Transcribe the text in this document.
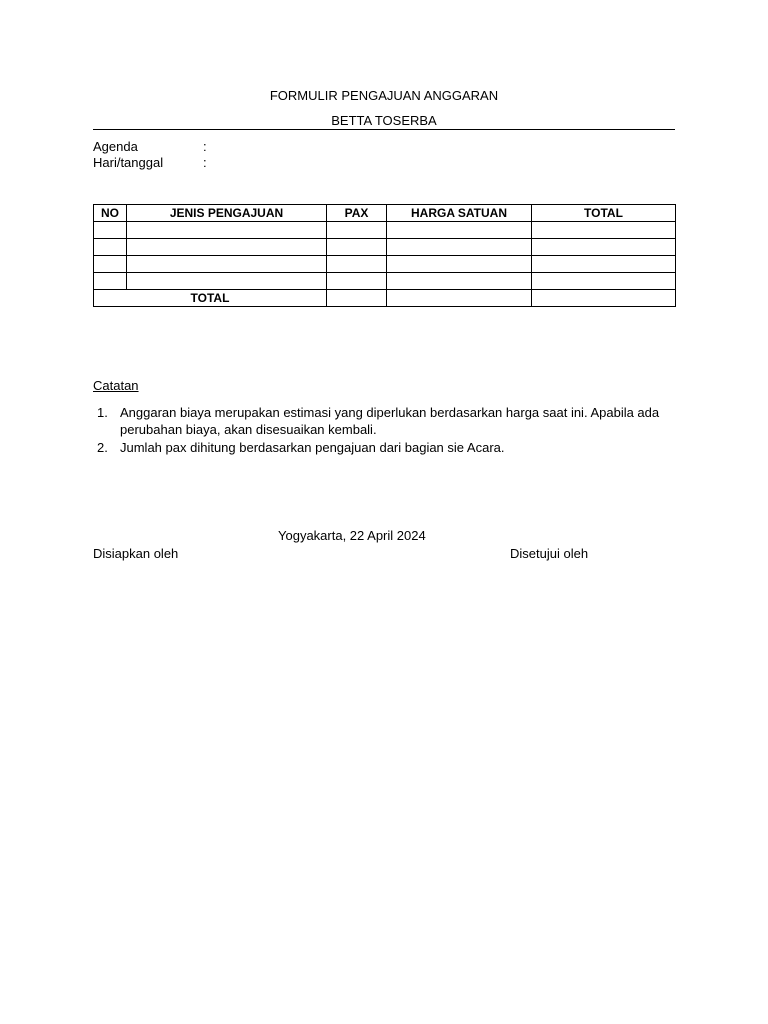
FORMULIR PENGAJUAN ANGGARAN
BETTA TOSERBA
Agenda	:
Hari/tanggal	:
NO	JENIS PENGAJUAN	PAX	HARGA SATUAN	TOTAL

TOTAL				
Catatan
1. Anggaran biaya merupakan estimasi yang diperlukan berdasarkan harga saat ini. Apabila ada perubahan biaya, akan disesuaikan kembali.
2. Jumlah pax dihitung berdasarkan pengajuan dari bagian sie Acara.
Yogyakarta, 22 April 2024
Disiapkan oleh	Disetujui oleh
